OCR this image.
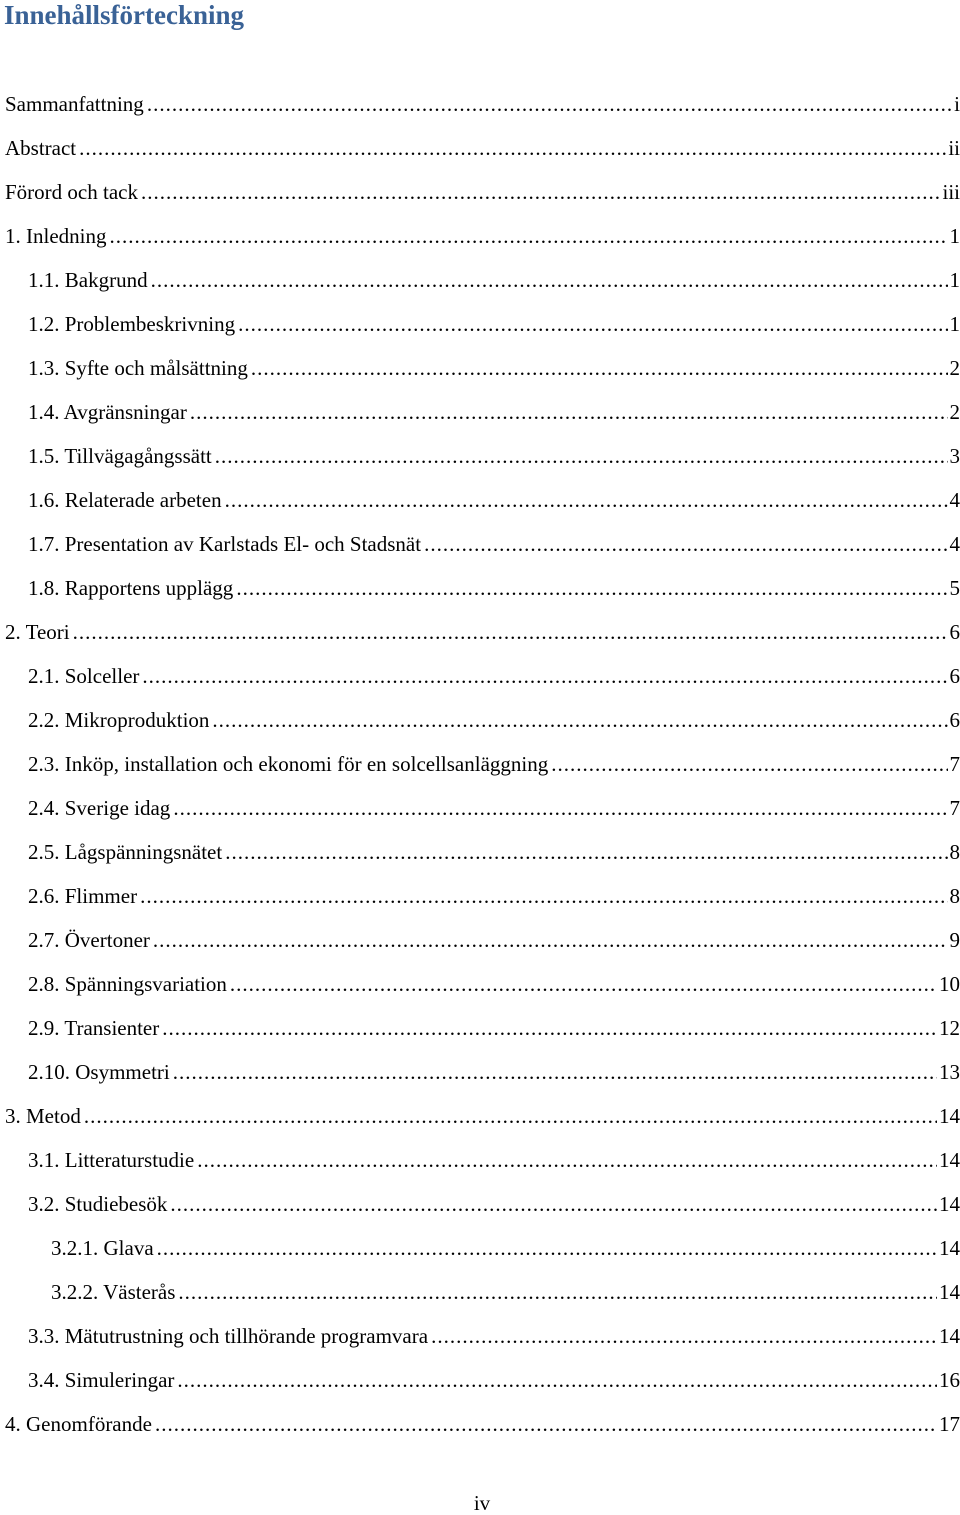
Innehållsförteckning
Sammanfattning .....	i
Abstract .....	ii
Förord och tack .....	iii
1. Inledning .....	1
1.1. Bakgrund .....	1
1.2. Problembeskrivning .....	1
1.3. Syfte och målsättning .....	2
1.4. Avgränsningar .....	2
1.5. Tillvägagångssätt .....	3
1.6. Relaterade arbeten .....	4
1.7. Presentation av Karlstads El- och Stadsnät .....	4
1.8. Rapportens upplägg .....	5
2. Teori .....	6
2.1. Solceller .....	6
2.2. Mikroproduktion .....	6
2.3. Inköp, installation och ekonomi för en solcellsanläggning .....	7
2.4. Sverige idag .....	7
2.5. Lågspänningsnätet .....	8
2.6. Flimmer .....	8
2.7. Övertoner .....	9
2.8. Spänningsvariation .....	10
2.9. Transienter .....	12
2.10. Osymmetri .....	13
3. Metod .....	14
3.1. Litteraturstudie .....	14
3.2. Studiebesök .....	14
3.2.1. Glava .....	14
3.2.2. Västerås .....	14
3.3. Mätutrustning och tillhörande programvara .....	14
3.4. Simuleringar .....	16
4. Genomförande .....	17
iv
